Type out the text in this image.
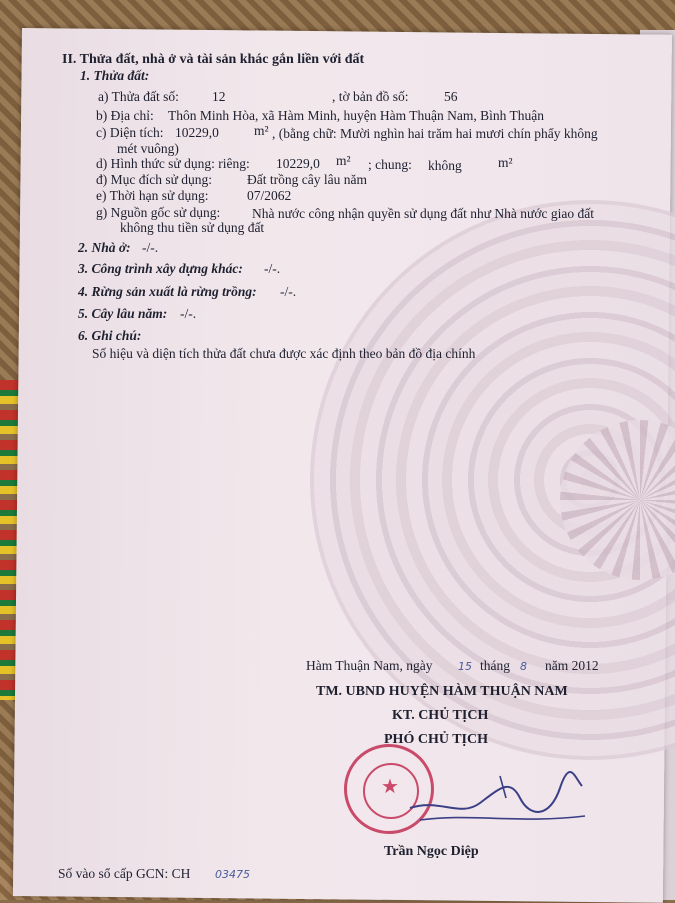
II. Thửa đất, nhà ở và tài sản khác gắn liền với đất
1. Thửa đất:
a) Thửa đất số: 12	, tờ bản đồ số:	56
b) Địa chỉ: Thôn Minh Hòa, xã Hàm Minh, huyện Hàm Thuận Nam, Bình Thuận
c) Diện tích: 10229,0	m² , (bằng chữ: Mười nghìn hai trăm hai mươi chín phẩy không
mét vuông)
d) Hình thức sử dụng: riêng: 10229,0 m² ; chung: không	m²
đ) Mục đích sử dụng:	Đất trồng cây lâu năm
e) Thời hạn sử dụng:	07/2062
g) Nguồn gốc sử dụng: Nhà nước công nhận quyền sử dụng đất như Nhà nước giao đất
không thu tiền sử dụng đất
2. Nhà ở: -/-.
3. Công trình xây dựng khác: -/-.
4. Rừng sản xuất là rừng trồng: -/-.
5. Cây lâu năm: -/-.
6. Ghi chú:
Số hiệu và diện tích thửa đất chưa được xác định theo bản đồ địa chính
Hàm Thuận Nam, ngày 15 tháng 8 năm 2012
TM. UBND HUYỆN HÀM THUẬN NAM
KT. CHỦ TỊCH
PHÓ CHỦ TỊCH
★
Trần Ngọc Diệp
Số vào sổ cấp GCN: CH 03475
